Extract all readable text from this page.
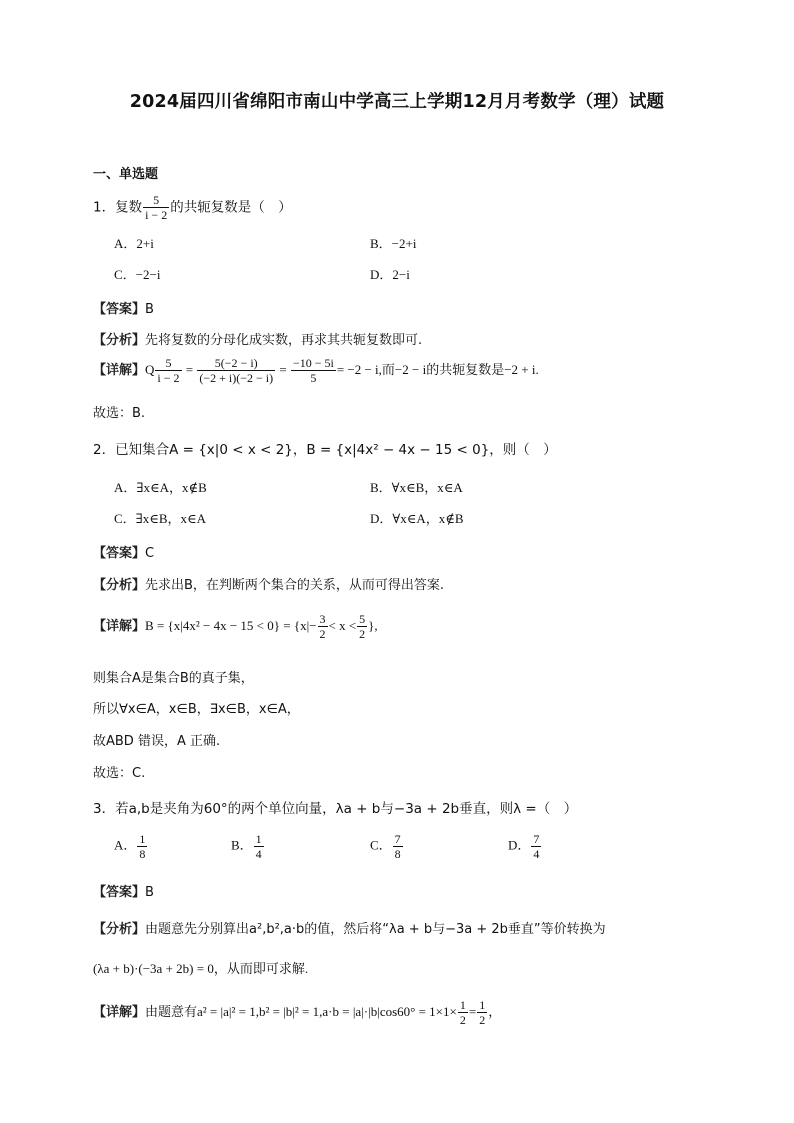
2024届四川省绵阳市南山中学高三上学期12月月考数学（理）试题
一、单选题
1．复数 $\frac{5}{i - 2}$ 的共轭复数是（　）
A．2+i	B．−2+i
C．−2−i	D．2−i
【答案】B
【分析】先将复数的分母化成实数，再求其共轭复数即可.
【详解】Q $\frac{5}{i - 2} = \frac{5(-2 - i)}{(-2 + i)(-2 - i)} = \frac{-10 - 5i}{5} = -2 - i$,而−2 − i的共轭复数是−2 + i.
故选：B.
2．已知集合A = {x|0 < x < 2}，B = {x|4x² − 4x − 15 < 0}，则（　）
A．∃x∈A，x∉B	B．∀x∈B，x∈A
C．∃x∈B，x∈A	D．∀x∈A，x∉B
【答案】C
【分析】先求出B，在判断两个集合的关系，从而可得出答案.
【详解】$B = \{x|4x^2 - 4x - 15 < 0\} = \{x|- \frac{3}{2} < x < \frac{5}{2}$ },
则集合A是集合B的真子集，
所以∀x∈A，x∈B，∃x∈B，x∈A，
故ABD 错误，A 正确.
故选：C.
3．若a,b是夹角为60°的两个单位向量，λa + b与−3a + 2b垂直，则λ =（　）
A． $\frac{1}{8}$	B． $\frac{1}{4}$	C． $\frac{7}{8}$	D． $\frac{7}{4}$
【答案】B
【分析】由题意先分别算出a²,b²,a·b的值，然后将“λa + b与−3a + 2b垂直”等价转换为
(λa + b)·(−3a + 2b) = 0，从而即可求解.
【详解】由题意有$a^2 = |a|^2 = 1,b^2 = |b|^2 = 1,a\cdot b = |a|\cdot|b|\cos 60^\circ = 1\times 1\times \frac{1}{2} = \frac{1}{2}$ ，
